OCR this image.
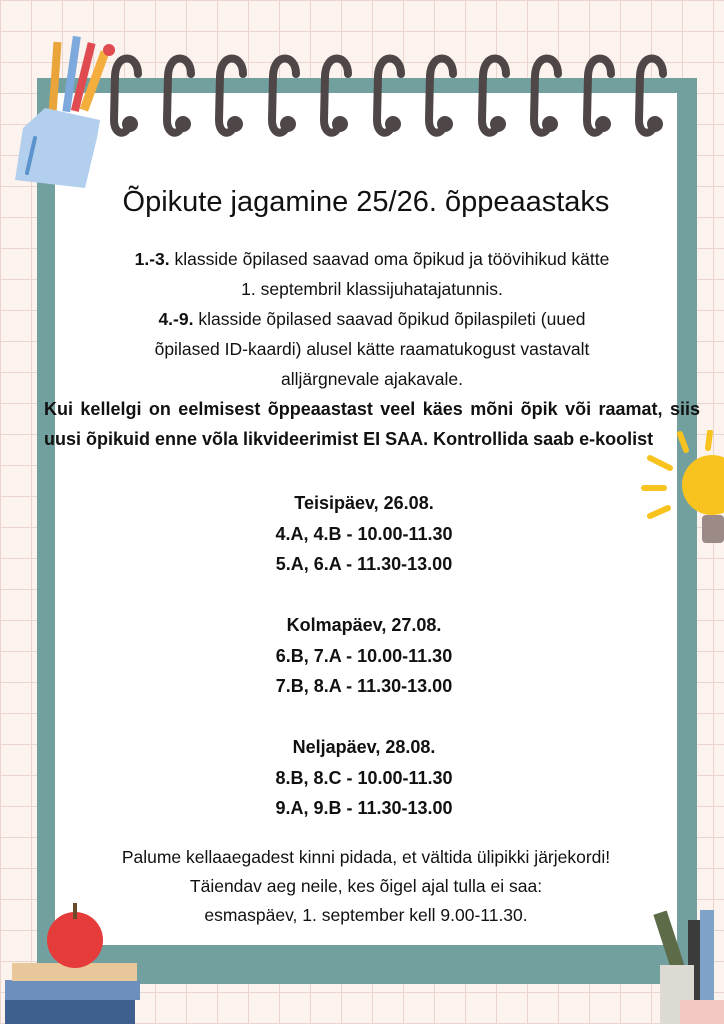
Õpikute jagamine 25/26. õppeaastaks
1.-3. klasside õpilased saavad oma õpikud ja töövihikud kätte
1. septembril klassijuhatajatunnis.
4.-9. klasside õpilased saavad õpikud õpilaspileti (uued
õpilased ID-kaardi) alusel kätte raamatukogust vastavalt
alljärgnevale ajakavale.
Kui kellelgi on eelmisest õppeaastast veel käes mõni õpik või raamat, siis uusi õpikuid enne võla likvideerimist EI SAA. Kontrollida saab e-koolist
Teisipäev, 26.08.
4.A, 4.B - 10.00-11.30
5.A, 6.A - 11.30-13.00
Kolmapäev, 27.08.
6.B, 7.A - 10.00-11.30
7.B, 8.A - 11.30-13.00
Neljapäev, 28.08.
8.B, 8.C - 10.00-11.30
9.A, 9.B - 11.30-13.00
Palume kellaaegadest kinni pidada, et vältida ülipikki järjekordi!
Täiendav aeg neile, kes õigel ajal tulla ei saa:
esmaspäev, 1. september kell 9.00-11.30.
